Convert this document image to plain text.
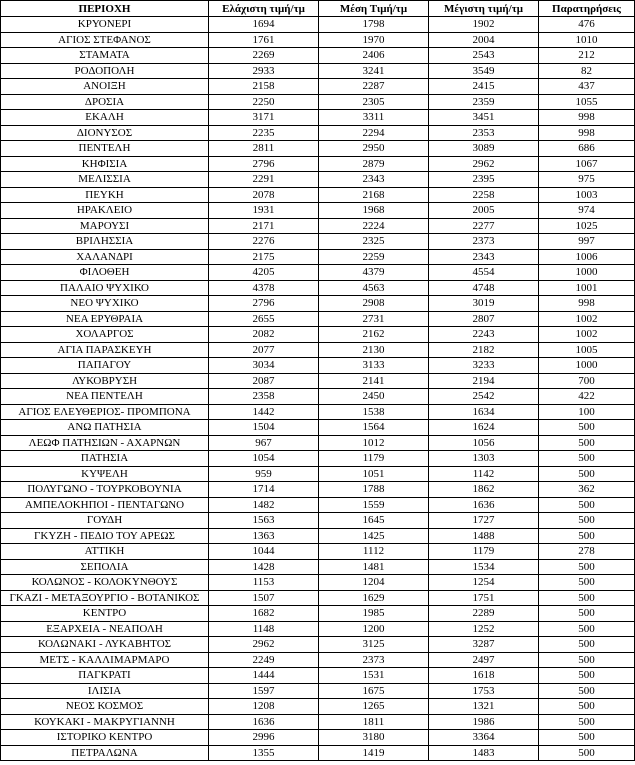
ΠΕΡΙΟΧΗ	Ελάχιστη τιμή/τμ	Μέση Τιμή/τμ	Μέγιστη τιμή/τμ	Παρατηρήσεις
ΚΡΥΟΝΕΡΙ	1694	1798	1902	476
ΑΓΙΟΣ ΣΤΕΦΑΝΟΣ	1761	1970	2004	1010
ΣΤΑΜΑΤΑ	2269	2406	2543	212
ΡΟΔΟΠΟΛΗ	2933	3241	3549	82
ΑΝΟΙΞΗ	2158	2287	2415	437
ΔΡΟΣΙΑ	2250	2305	2359	1055
ΕΚΑΛΗ	3171	3311	3451	998
ΔΙΟΝΥΣΟΣ	2235	2294	2353	998
ΠΕΝΤΕΛΗ	2811	2950	3089	686
ΚΗΦΙΣΙΑ	2796	2879	2962	1067
ΜΕΛΙΣΣΙΑ	2291	2343	2395	975
ΠΕΥΚΗ	2078	2168	2258	1003
ΗΡΑΚΛΕΙΟ	1931	1968	2005	974
ΜΑΡΟΥΣΙ	2171	2224	2277	1025
ΒΡΙΛΗΣΣΙΑ	2276	2325	2373	997
ΧΑΛΑΝΔΡΙ	2175	2259	2343	1006
ΦΙΛΟΘΕΗ	4205	4379	4554	1000
ΠΑΛΑΙΟ ΨΥΧΙΚΟ	4378	4563	4748	1001
ΝΕΟ ΨΥΧΙΚΟ	2796	2908	3019	998
ΝΕΑ ΕΡΥΘΡΑΙΑ	2655	2731	2807	1002
ΧΟΛΑΡΓΟΣ	2082	2162	2243	1002
ΑΓΙΑ ΠΑΡΑΣΚΕΥΗ	2077	2130	2182	1005
ΠΑΠΑΓΟΥ	3034	3133	3233	1000
ΛΥΚΟΒΡΥΣΗ	2087	2141	2194	700
ΝΕΑ ΠΕΝΤΕΛΗ	2358	2450	2542	422
ΑΓΙΟΣ ΕΛΕΥΘΕΡΙΟΣ- ΠΡΟΜΠΟΝΑ	1442	1538	1634	100
ΑΝΩ ΠΑΤΗΣΙΑ	1504	1564	1624	500
ΛΕΩΦ ΠΑΤΗΣΙΩΝ - ΑΧΑΡΝΩΝ	967	1012	1056	500
ΠΑΤΗΣΙΑ	1054	1179	1303	500
ΚΥΨΕΛΗ	959	1051	1142	500
ΠΟΛΥΓΩΝΟ - ΤΟΥΡΚΟΒΟΥΝΙΑ	1714	1788	1862	362
ΑΜΠΕΛΟΚΗΠΟΙ - ΠΕΝΤΑΓΩΝΟ	1482	1559	1636	500
ΓΟΥΔΗ	1563	1645	1727	500
ΓΚΥΖΗ - ΠΕΔΙΟ ΤΟΥ ΑΡΕΩΣ	1363	1425	1488	500
ΑΤΤΙΚΗ	1044	1112	1179	278
ΣΕΠΟΛΙΑ	1428	1481	1534	500
ΚΟΛΩΝΟΣ - ΚΟΛΟΚΥΝΘΟΥΣ	1153	1204	1254	500
ΓΚΑΖΙ - ΜΕΤΑΞΟΥΡΓΙΟ - ΒΟΤΑΝΙΚΟΣ	1507	1629	1751	500
ΚΕΝΤΡΟ	1682	1985	2289	500
ΕΞΑΡΧΕΙΑ - ΝΕΑΠΟΛΗ	1148	1200	1252	500
ΚΟΛΩΝΑΚΙ - ΛΥΚΑΒΗΤΟΣ	2962	3125	3287	500
ΜΕΤΣ - ΚΑΛΛΙΜΑΡΜΑΡΟ	2249	2373	2497	500
ΠΑΓΚΡΑΤΙ	1444	1531	1618	500
ΙΛΙΣΙΑ	1597	1675	1753	500
ΝΕΟΣ ΚΟΣΜΟΣ	1208	1265	1321	500
ΚΟΥΚΑΚΙ - ΜΑΚΡΥΓΙΑΝΝΗ	1636	1811	1986	500
ΙΣΤΟΡΙΚΟ ΚΕΝΤΡΟ	2996	3180	3364	500
ΠΕΤΡΑΛΩΝΑ	1355	1419	1483	500
